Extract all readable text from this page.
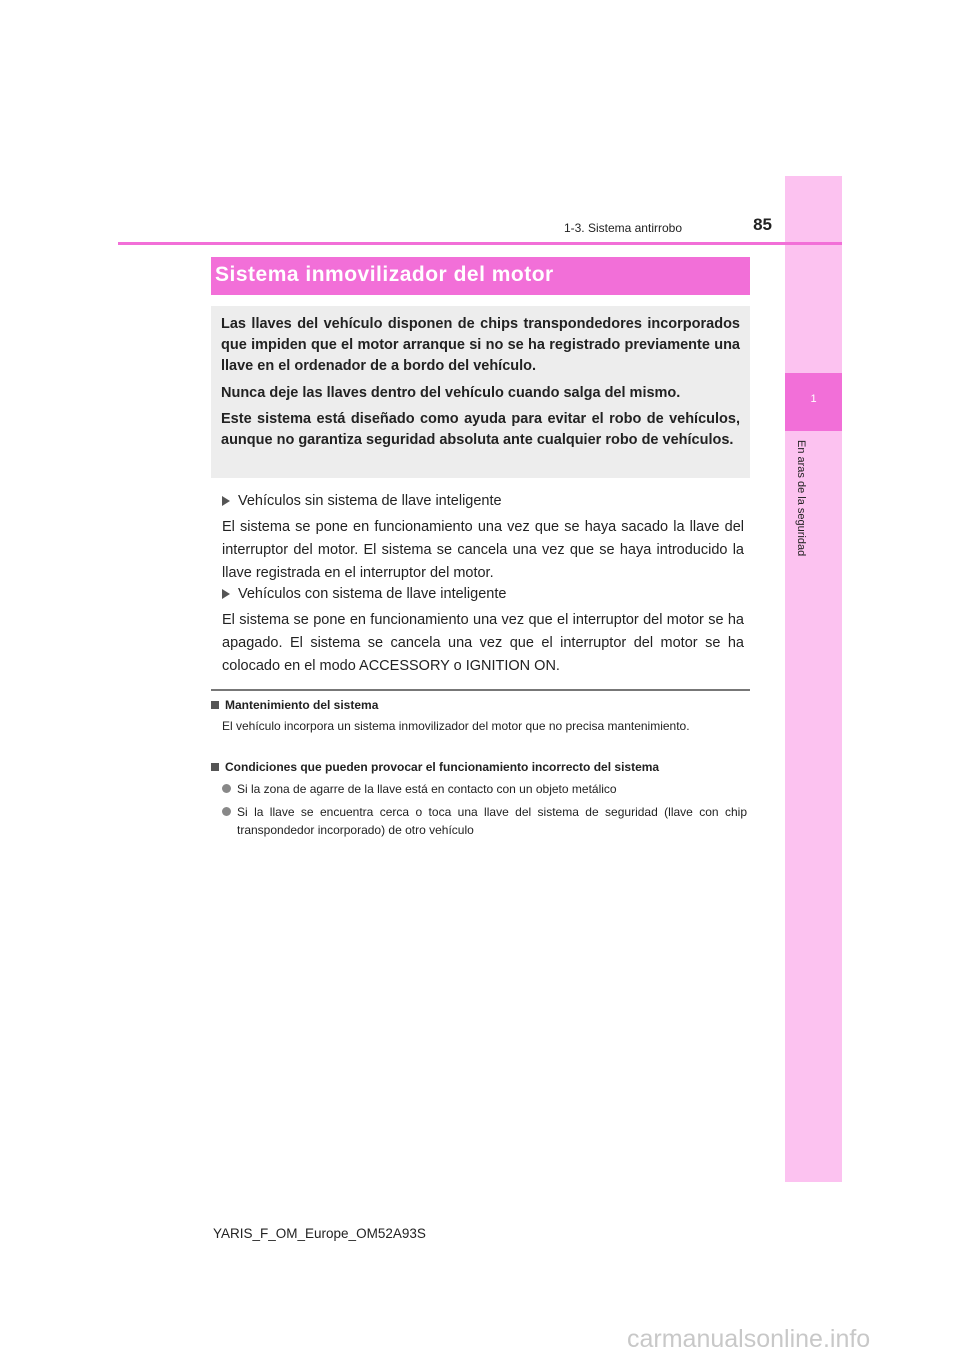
1
En aras de la seguridad
1-3. Sistema antirrobo	85
Sistema inmovilizador del motor

Las llaves del vehículo disponen de chips transpondedores incorporados que impiden que el motor arranque si no se ha registrado previamente una llave en el ordenador de a bordo del vehículo.

Nunca deje las llaves dentro del vehículo cuando salga del mismo.

Este sistema está diseñado como ayuda para evitar el robo de vehículos, aunque no garantiza seguridad absoluta ante cualquier robo de vehículos.

Vehículos sin sistema de llave inteligente

El sistema se pone en funcionamiento una vez que se haya sacado la llave del interruptor del motor. El sistema se cancela una vez que se haya introducido la llave registrada en el interruptor del motor.

Vehículos con sistema de llave inteligente

El sistema se pone en funcionamiento una vez que el interruptor del motor se ha apagado. El sistema se cancela una vez que el interruptor del motor se ha colocado en el modo ACCESSORY o IGNITION ON.

Mantenimiento del sistema

El vehículo incorpora un sistema inmovilizador del motor que no precisa mantenimiento.

Condiciones que pueden provocar el funcionamiento incorrecto del sistema
Si la zona de agarre de la llave está en contacto con un objeto metálico
Si la llave se encuentra cerca o toca una llave del sistema de seguridad (llave con chip transpondedor incorporado) de otro vehículo
YARIS_F_OM_Europe_OM52A93S
carmanualsonline.info
